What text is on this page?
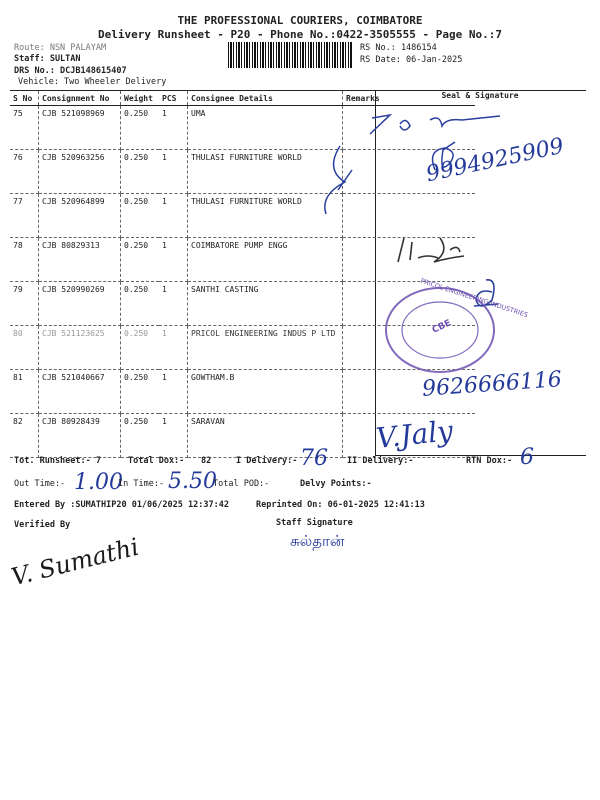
THE PROFESSIONAL COURIERS, COIMBATORE
Delivery Runsheet - P20 - Phone No.:0422-3505555 - Page No.:7
Route: NSN PALAYAM
Staff: SULTAN
DRS No.: DCJB148615407
Vehicle: Two Wheeler Delivery
RS No.: 1486154
RS Date: 06-Jan-2025
Seal & Signature
S No	Consignment No	Weight	PCS	Consignee Details	Remarks
75	CJB 521098969	0.250	1	UMA	
76	CJB 520963256	0.250	1	THULASI FURNITURE WORLD	
77	CJB 520964899	0.250	1	THULASI FURNITURE WORLD	
78	CJB 80829313	0.250	1	COIMBATORE PUMP ENGG	
79	CJB 520990269	0.250	1	SANTHI CASTING	
80	CJB 521123625	0.250	1	PRICOL ENGINEERING INDUS P LTD	
81	CJB 521040667	0.250	1	GOWTHAM.B	
82	CJB 80928439	0.250	1	SARAVAN	
9994925909
PRICOL ENGINEERING INDUSTRIES
CBE
9626666116
V.Jaly
Tot. Runsheet:- 7	Total Dox:- 82	I Delivery:- 76 II Delivery:-	RTN Dox:- 6
Out Time:- 1.00
In Time:- 5.50
Total POD:-	Delvy Points:-
Entered By :SUMATHIP20 01/06/2025 12:37:42	Reprinted On: 06-01-2025 12:41:13
Verified By	Staff Signature
V. Sumathi	சுல்தான்
